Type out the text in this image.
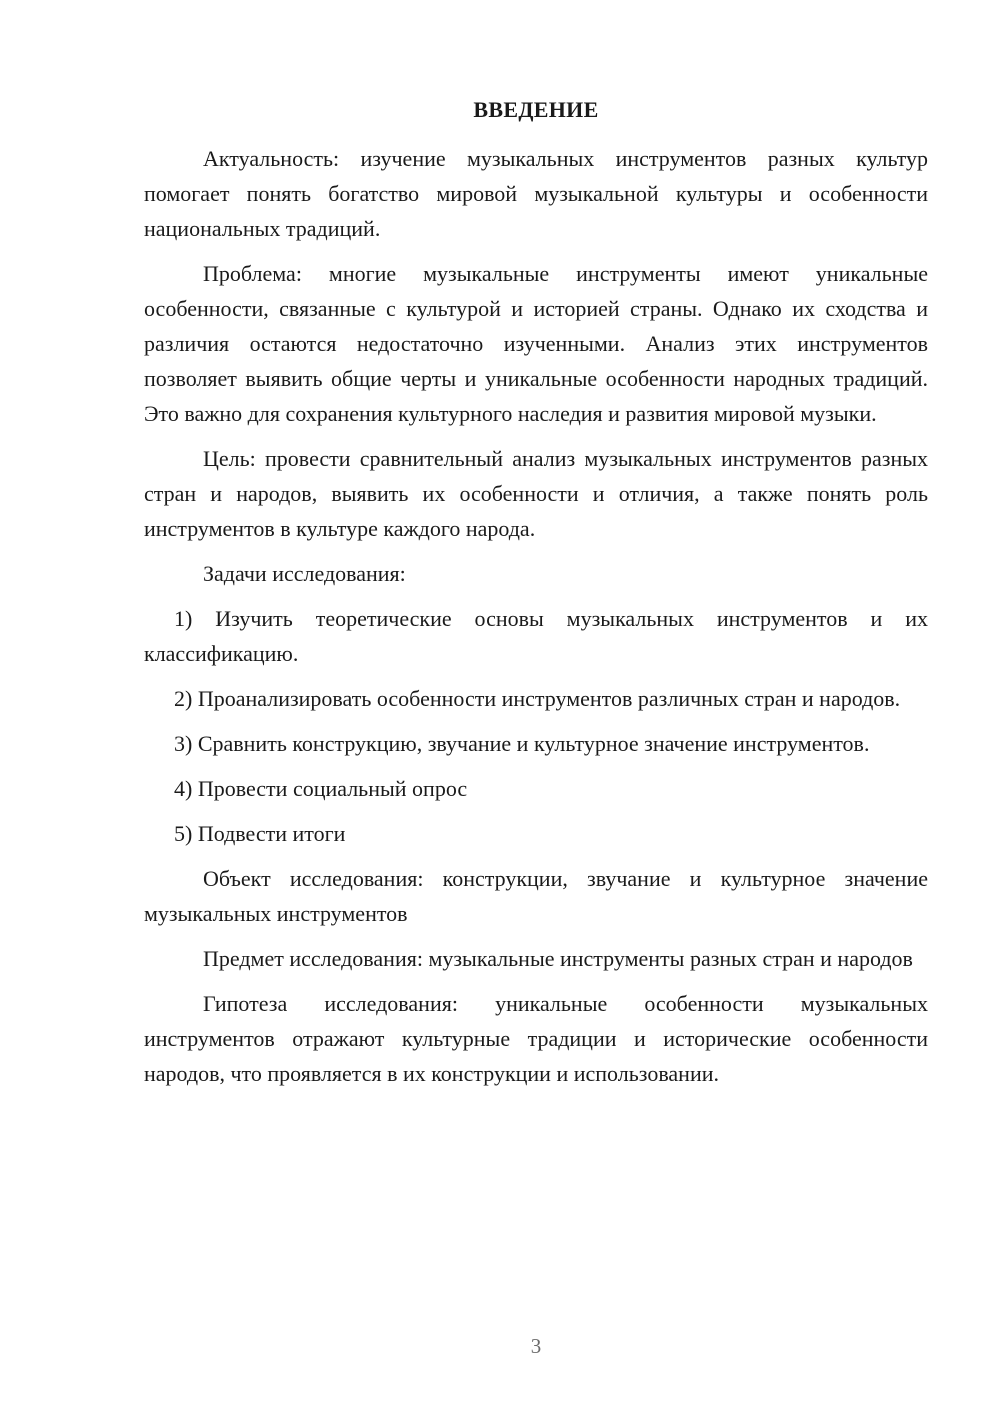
ВВЕДЕНИЕ

Актуальность: изучение музыкальных инструментов разных культур помогает понять богатство мировой музыкальной культуры и особенности национальных традиций.

Проблема: многие музыкальные инструменты имеют уникальные особенности, связанные с культурой и историей страны. Однако их сходства и различия остаются недостаточно изученными. Анализ этих инструментов позволяет выявить общие черты и уникальные особенности народных традиций. Это важно для сохранения культурного наследия и развития мировой музыки.

Цель: провести сравнительный анализ музыкальных инструментов разных стран и народов, выявить их особенности и отличия, а также понять роль инструментов в культуре каждого народа.

Задачи исследования:

1) Изучить теоретические основы музыкальных инструментов и их классификацию.

2) Проанализировать особенности инструментов различных стран и народов.

3) Сравнить конструкцию, звучание и культурное значение инструментов.

4) Провести социальный опрос

5) Подвести итоги

Объект исследования: конструкции, звучание и культурное значение музыкальных инструментов

Предмет исследования: музыкальные инструменты разных стран и народов

Гипотеза исследования: уникальные особенности музыкальных инструментов отражают культурные традиции и исторические особенности народов, что проявляется в их конструкции и использовании.

3
